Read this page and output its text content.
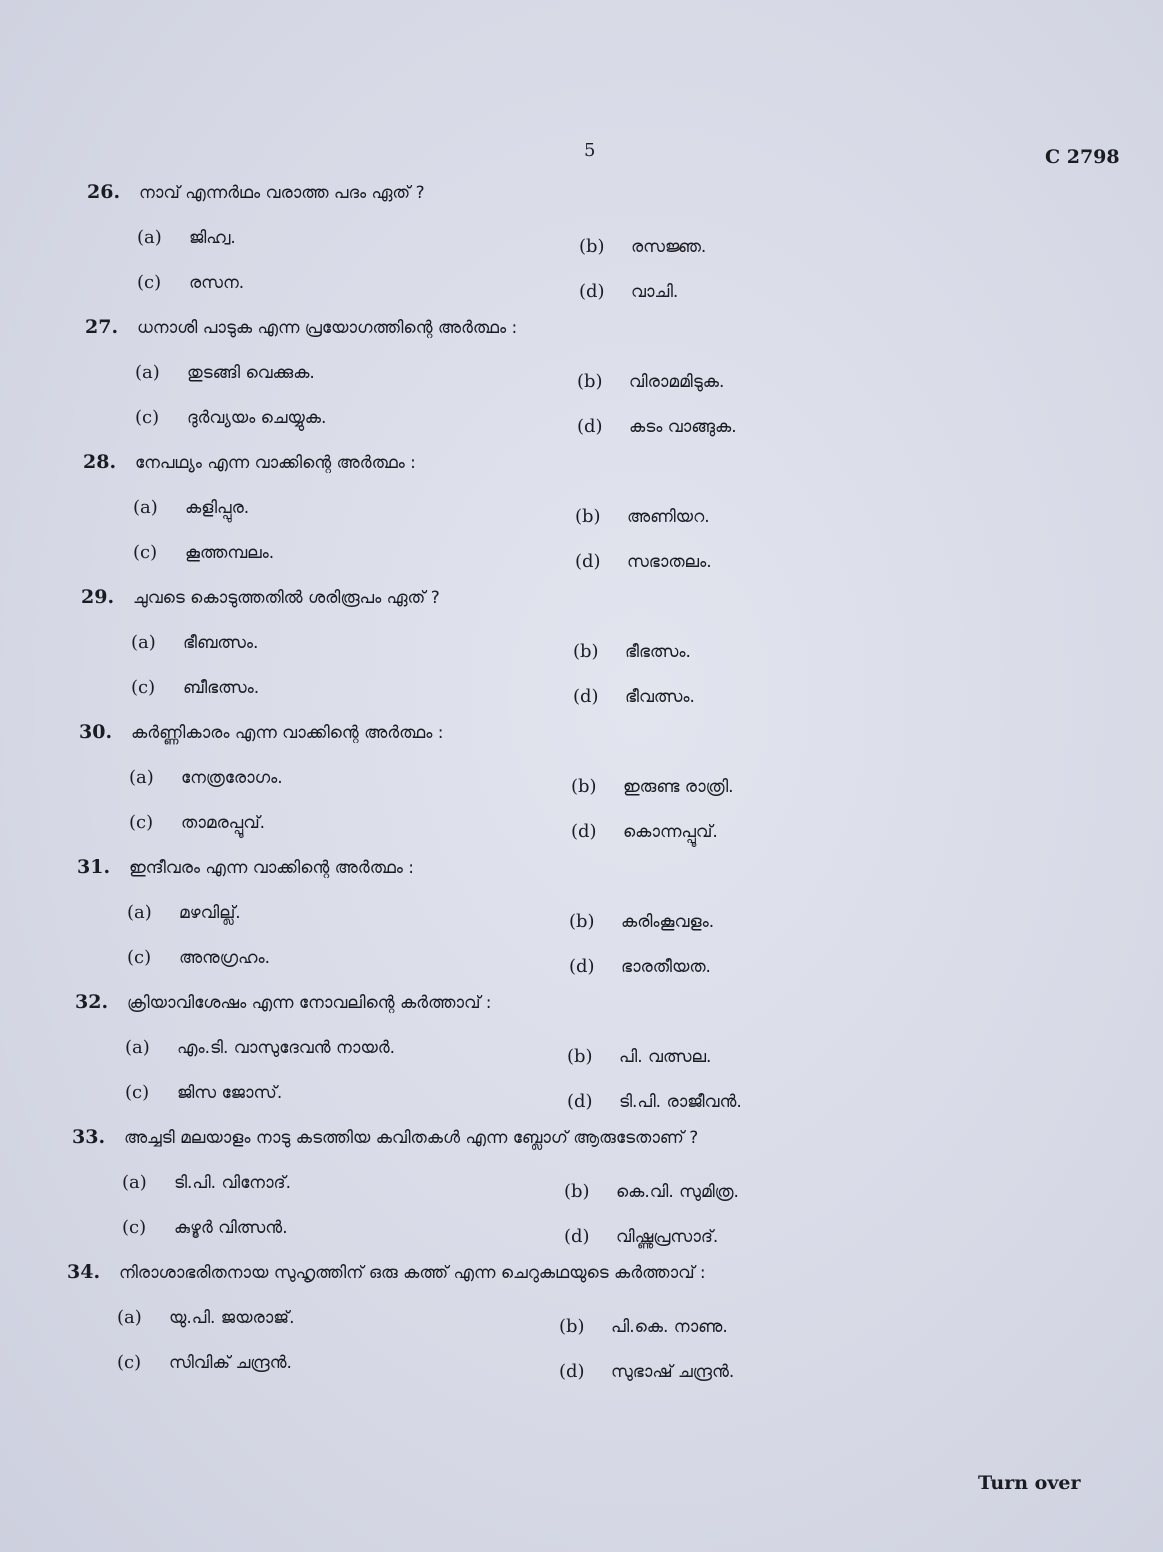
5	C 2798
26. നാവ് എന്നർഥം വരാത്ത പദം ഏത് ?
(a) ജിഹ്വ.	(b) രസജ്ഞ.
(c) രസന.	(d) വാചി.
27. ധനാശി പാടുക എന്ന പ്രയോഗത്തിന്റെ അർത്ഥം :
(a) തുടങ്ങി വെക്കുക.	(b) വിരാമമിടുക.
(c) ദുർവ്യയം ചെയ്യുക.	(d) കടം വാങ്ങുക.
28. നേപഥ്യം എന്ന വാക്കിന്റെ അർത്ഥം :
(a) കളിപ്പുര.	(b) അണിയറ.
(c) കൂത്തമ്പലം.	(d) സഭാതലം.
29. ചുവടെ കൊടുത്തതിൽ ശരിരൂപം ഏത് ?
(a) ഭീബത്സം.	(b) ഭീഭത്സം.
(c) ബീഭത്സം.	(d) ഭീവത്സം.
30. കർണ്ണികാരം എന്ന വാക്കിന്റെ അർത്ഥം :
(a) നേത്രരോഗം.	(b) ഇരുണ്ട രാത്രി.
(c) താമരപ്പൂവ്.	(d) കൊന്നപ്പൂവ്.
31. ഇന്ദീവരം എന്ന വാക്കിന്റെ അർത്ഥം :
(a) മഴവില്ല്.	(b) കരിംകൂവളം.
(c) അനുഗ്രഹം.	(d) ഭാരതീയത.
32. ക്രിയാവിശേഷം എന്ന നോവലിന്റെ കർത്താവ് :
(a) എം.ടി. വാസുദേവൻ നായർ.	(b) പി. വത്സല.
(c) ജിസ ജോസ്.	(d) ടി.പി. രാജീവൻ.
33. അച്ചടി മലയാളം നാടു കടത്തിയ കവിതകൾ എന്ന ബ്ലോഗ് ആരുടേതാണ് ?
(a) ടി.പി. വിനോദ്.	(b) കെ.വി. സുമിത്ര.
(c) കുഴൂർ വിത്സൻ.	(d) വിഷ്ണുപ്രസാദ്.
34. നിരാശാഭരിതനായ സുഹൃത്തിന് ഒരു കത്ത് എന്ന ചെറുകഥയുടെ കർത്താവ് :
(a) യു.പി. ജയരാജ്.	(b) പി.കെ. നാണു.
(c) സിവിക് ചന്ദ്രൻ.	(d) സുഭാഷ് ചന്ദ്രൻ.
Turn over
